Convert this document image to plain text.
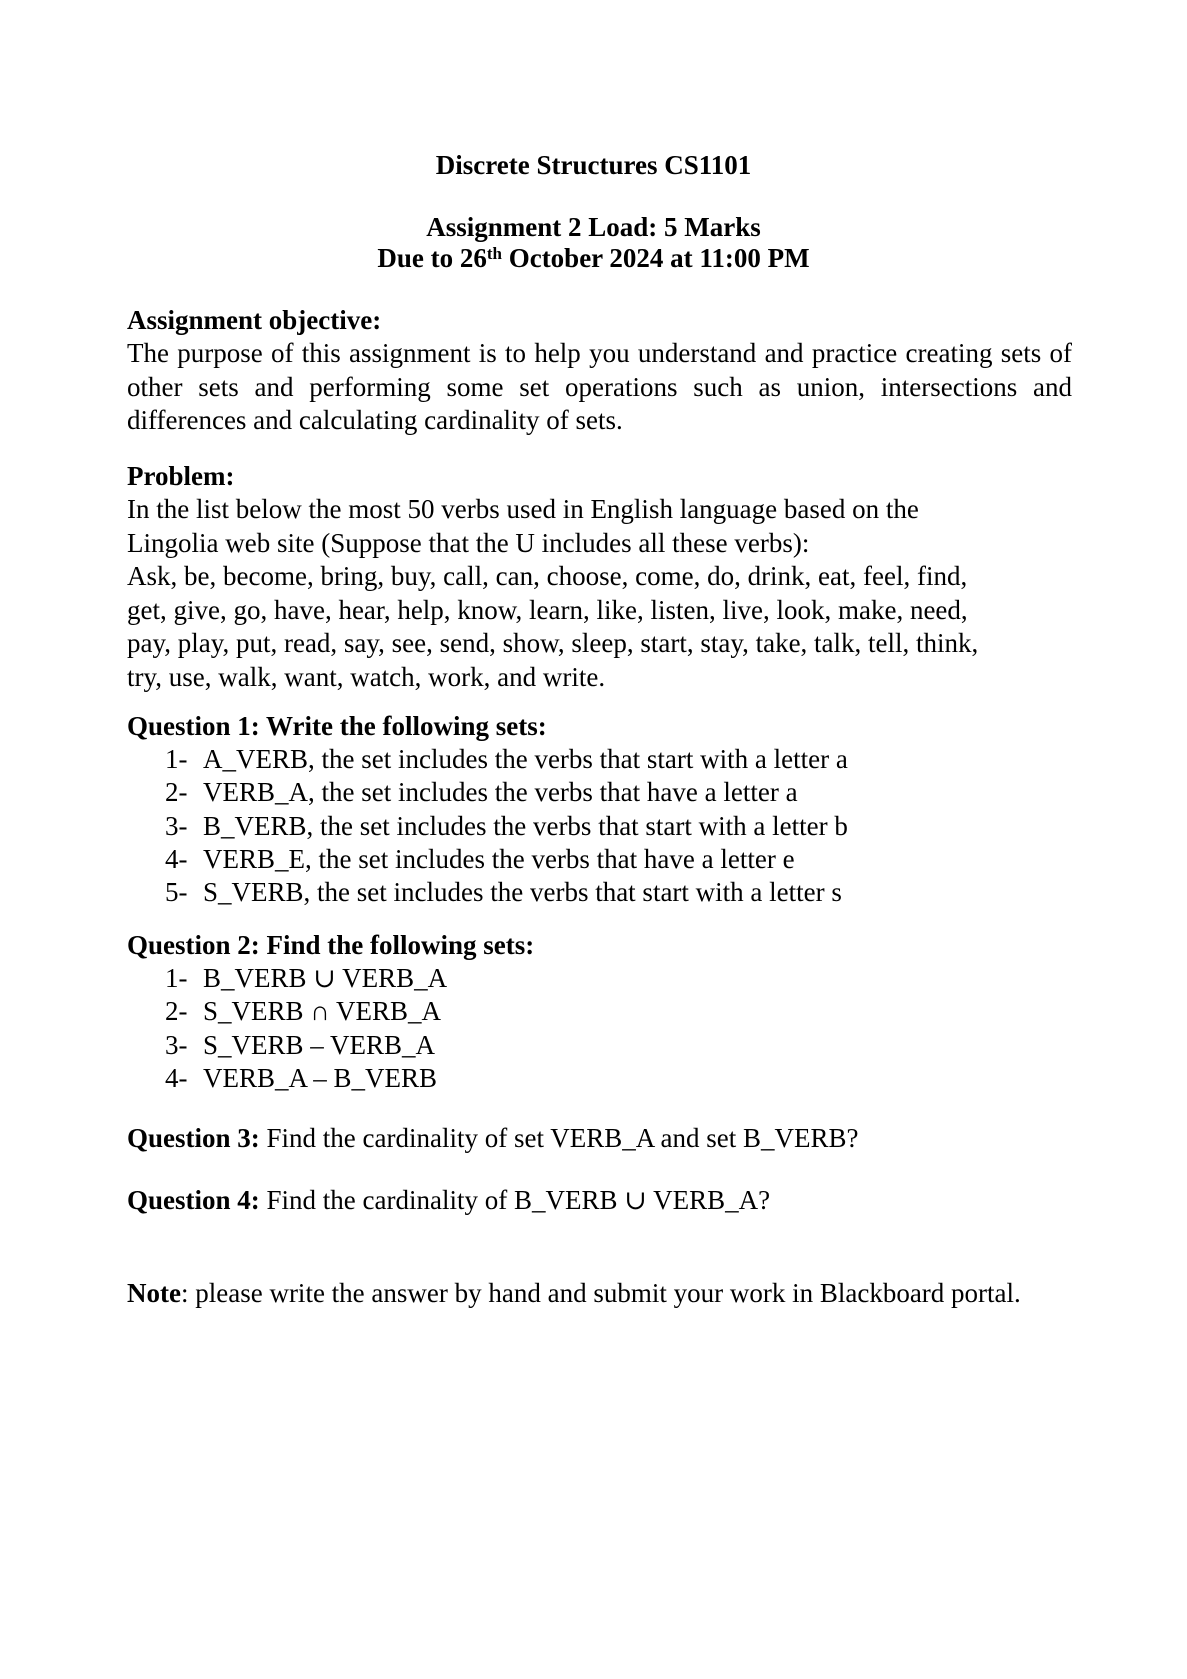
Discrete Structures CS1101
Assignment 2 Load: 5 Marks
Due to 26th October 2024 at 11:00 PM
Assignment objective:
The purpose of this assignment is to help you understand and practice creating sets of other sets and performing some set operations such as union, intersections and differences and calculating cardinality of sets.
Problem:
In the list below the most 50 verbs used in English language based on the
Lingolia web site (Suppose that the U includes all these verbs):
Ask, be, become, bring, buy, call, can, choose, come, do, drink, eat, feel, find,
get, give, go, have, hear, help, know, learn, like, listen, live, look, make, need,
pay, play, put, read, say, see, send, show, sleep, start, stay, take, talk, tell, think,
try, use, walk, want, watch, work, and write.
Question 1: Write the following sets:
1- A_VERB, the set includes the verbs that start with a letter a
2- VERB_A, the set includes the verbs that have a letter a
3- B_VERB, the set includes the verbs that start with a letter b
4- VERB_E, the set includes the verbs that have a letter e
5- S_VERB, the set includes the verbs that start with a letter s
Question 2: Find the following sets:
1- B_VERB ∪ VERB_A
2- S_VERB ∩ VERB_A
3- S_VERB – VERB_A
4- VERB_A – B_VERB
Question 3: Find the cardinality of set VERB_A and set B_VERB?
Question 4: Find the cardinality of B_VERB ∪ VERB_A?
Note: please write the answer by hand and submit your work in Blackboard portal.
